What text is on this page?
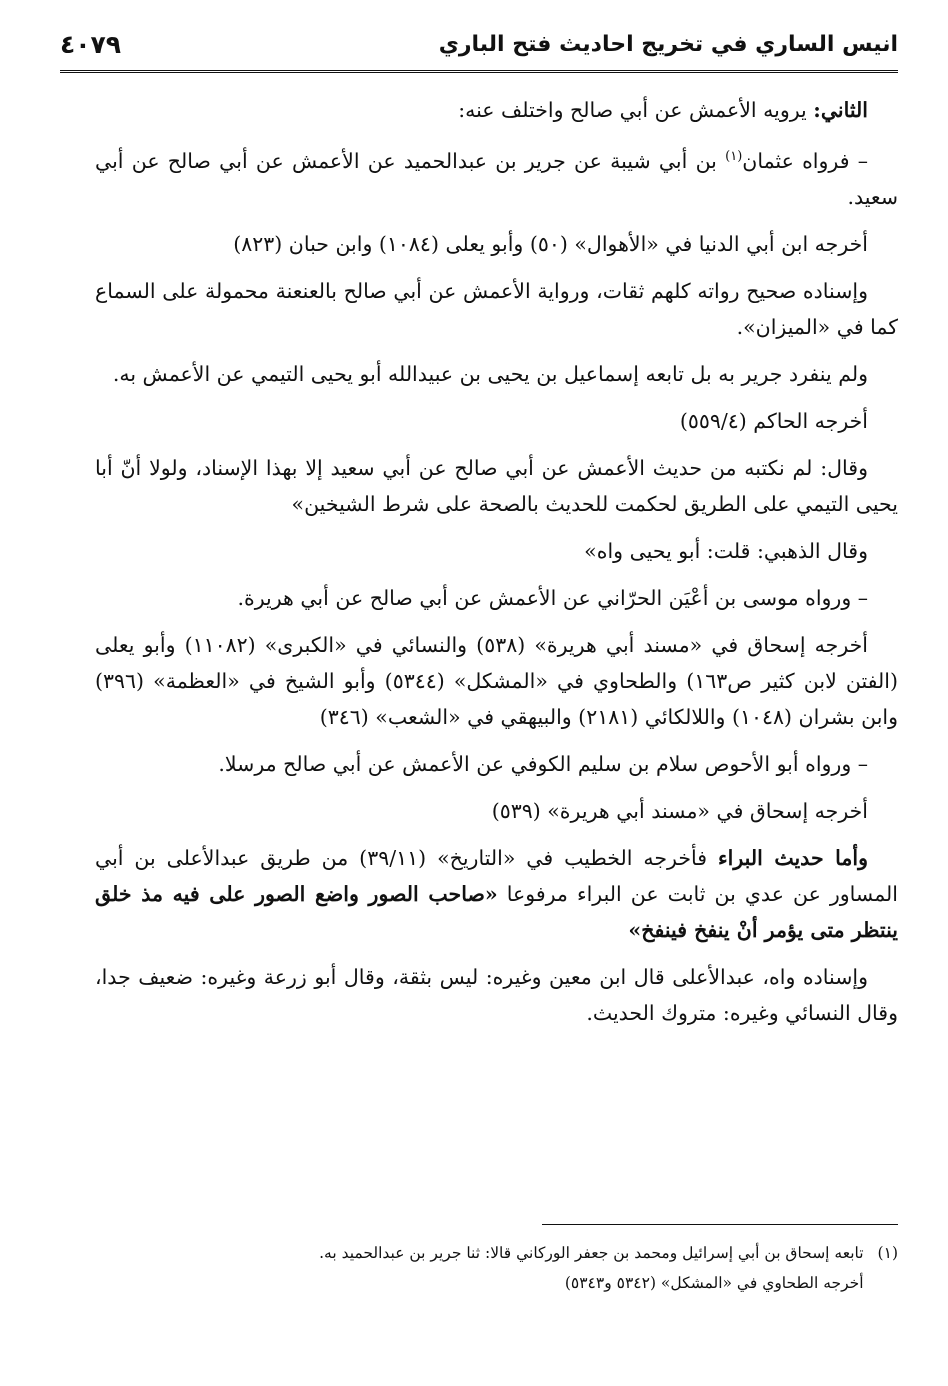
انيس الساري في تخريج احاديث فتح الباري
٤٠٧٩

الثاني: يرويه الأعمش عن أبي صالح واختلف عنه:

– فرواه عثمان$^{(١)}$ بن أبي شيبة عن جرير بن عبدالحميد عن الأعمش عن أبي صالح عن أبي سعيد.

أخرجه ابن أبي الدنيا في «الأهوال» (٥٠) وأبو يعلى (١٠٨٤) وابن حبان (٨٢٣)

وإسناده صحيح رواته كلهم ثقات، ورواية الأعمش عن أبي صالح بالعنعنة محمولة على السماع كما في «الميزان».

ولم ينفرد جرير به بل تابعه إسماعيل بن يحيى بن عبيدالله أبو يحيى التيمي عن الأعمش به.

أخرجه الحاكم (٥٥٩/٤)

وقال: لم نكتبه من حديث الأعمش عن أبي صالح عن أبي سعيد إلا بهذا الإسناد، ولولا أنّ أبا يحيى التيمي على الطريق لحكمت للحديث بالصحة على شرط الشيخين»

وقال الذهبي: قلت: أبو يحيى واه»

– ورواه موسى بن أعْيَن الحرّاني عن الأعمش عن أبي صالح عن أبي هريرة.

أخرجه إسحاق في «مسند أبي هريرة» (٥٣٨) والنسائي في «الكبرى» (١١٠٨٢) وأبو يعلى (الفتن لابن كثير ص١٦٣) والطحاوي في «المشكل» (٥٣٤٤) وأبو الشيخ في «العظمة» (٣٩٦) وابن بشران (١٠٤٨) واللالكائي (٢١٨١) والبيهقي في «الشعب» (٣٤٦)

– ورواه أبو الأحوص سلام بن سليم الكوفي عن الأعمش عن أبي صالح مرسلا.

أخرجه إسحاق في «مسند أبي هريرة» (٥٣٩)

وأما حديث البراء فأخرجه الخطيب في «التاريخ» (٣٩/١١) من طريق عبدالأعلى بن أبي المساور عن عدي بن ثابت عن البراء مرفوعا «صاحب الصور واضع الصور على فيه مذ خلق ينتظر متى يؤمر أنْ ينفخ فينفخ»

وإسناده واه، عبدالأعلى قال ابن معين وغيره: ليس بثقة، وقال أبو زرعة وغيره: ضعيف جدا، وقال النسائي وغيره: متروك الحديث.

(١)
تابعه إسحاق بن أبي إسرائيل ومحمد بن جعفر الوركاني قالا: ثنا جرير بن عبدالحميد به.
أخرجه الطحاوي في «المشكل» (٥٣٤٢ و٥٣٤٣)
